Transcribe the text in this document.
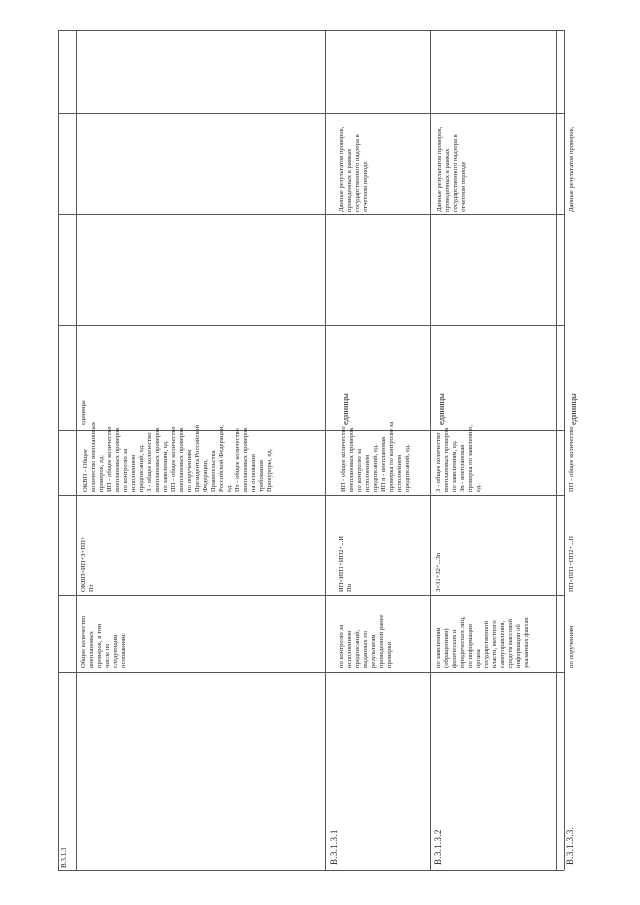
B.3.1.3
Общее количество
внеплановых
проверок, в том
числе по
следующим
основаниям:
ОКВП=ИП+З+ПП+
Пт
ОКВП - Общее
количество внеплановых
проверок, ед.
ИП - общее количество
внеплановых проверок
по контролю за
исполнением
предписаний, ед.
З - общее количество
внеплановых проверок
по заявлениям, ед.
ПП - общее количество
внеплановых проверок
по поручениям
Президента Российской
Федерации,
Правительства
Российской Федерации,
ед.
Пт - общее количество
внеплановых проверок
на основании
требования
Прокуроры, ед.
единицы
В.3.1.3.1
по контролю за
исполнением
предписаний,
выданных по
результатам
проведенной ранее
проверки
ИП=ИП1+ИП2+...И
Пn
ИП - общее количество
внеплановых проверок
по контролю за
исполнением
предписаний, ед.
ИП n - внеплановая
проверка по контролю за
исполнением
предписаний, ед.
единицы
Данные результатов проверок,
проведенных в рамках
государственного надзора в
отчетном периоде
В.3.1.3.2
по заявлениям
(обращениям)
физических и
юридических лиц,
по информации
органа
государственной
власти, местного
самоуправления,
средств массовой
информации об
указанных фактах
З=З1+З2+...Зn
З - общее количество
внеплановых проверок
по заявлениям, ед.
Зn - внеплановая
проверка по заявлению,
ед.
единицы
Данные результатов проверок,
проведенных в рамках
государственного надзора в
отчетном периоде
В.3.1.3.3.
по поручениям
ПП=ПП1+ПП2+...П
ПП - общее количество
единицы
Данные результатов проверок,
